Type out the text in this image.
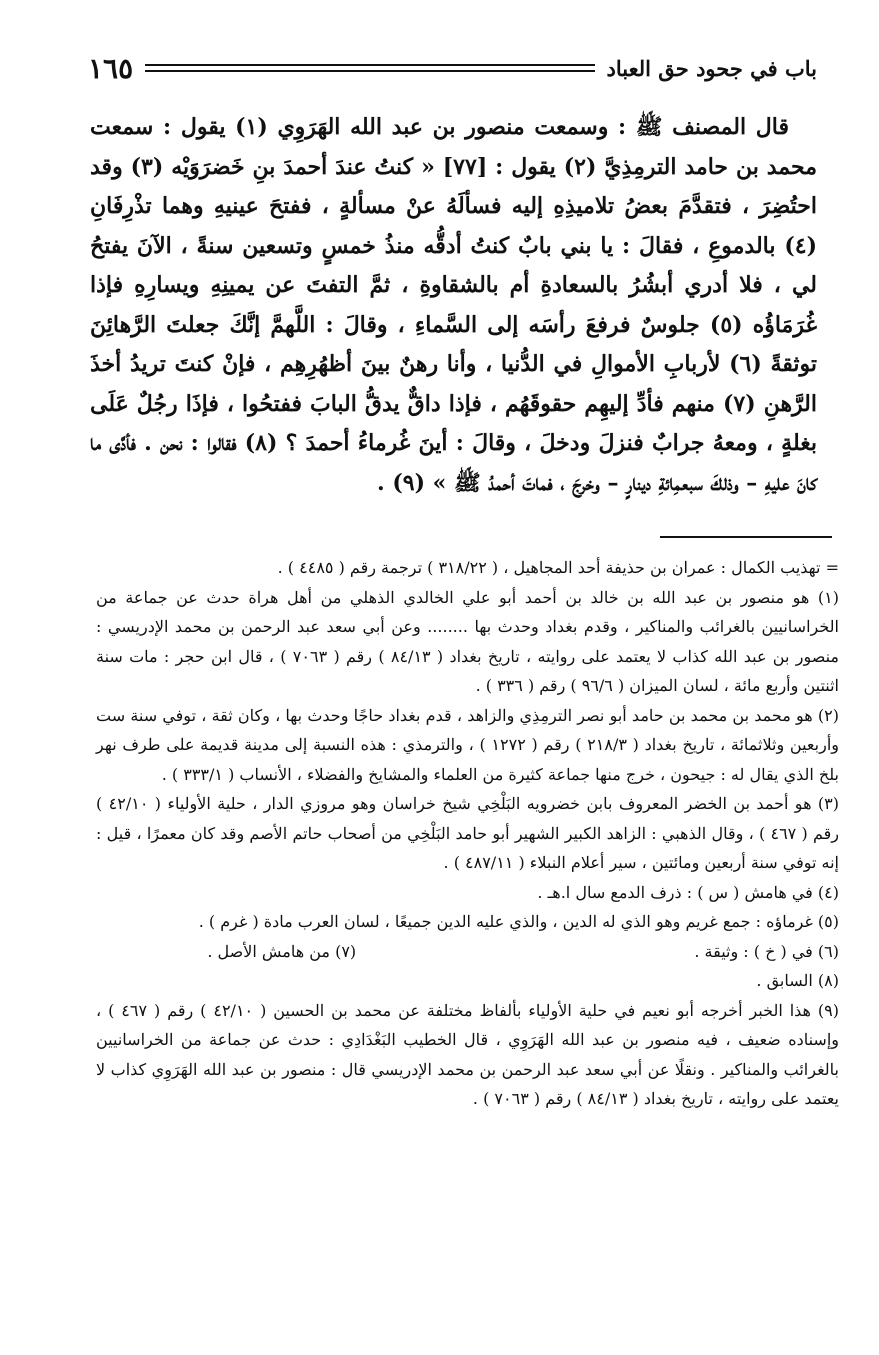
باب في جحود حق العباد
١٦٥

قال المصنف ﷺ : وسمعت منصور بن عبد الله الهَرَوِي (١) يقول : سمعت محمد بن حامد الترمِذِيَّ (٢) يقول : [٧٧] « كنتُ عندَ أحمدَ بنِ خَضرَوَيْه (٣) وقد احتُضِرَ ، فتقدَّمَ بعضُ تلاميذِهِ إليه فسألَهُ عنْ مسألةٍ ، ففتحَ عينيهِ وهما تذْرِفَانِ (٤) بالدموعِ ، فقالَ : يا بني بابٌ كنتُ أدقُّه منذُ خمسٍ وتسعين سنةً ، الآنَ يفتحُ لي ، فلا أدري أبشُرُ بالسعادةِ أم بالشقاوةِ ، ثمَّ التفتَ عن يمينِهِ ويسارِهِ فإذا غُرَمَاؤُه (٥) جلوسٌ فرفعَ رأسَه إلى السَّماءِ ، وقالَ : اللَّهمَّ إنَّكَ جعلتَ الرَّهائِنَ توثقةً (٦) لأربابِ الأموالِ في الدُّنيا ، وأنا رهنٌ بينَ أظهُرِهِم ، فإنْ كنتَ تريدُ أخذَ الرَّهنِ (٧) منهم فأدِّ إليهِم حقوقَهُم ، فإذا داقٌّ يدقُّ البابَ ففتحُوا ، فإذَا رجُلٌ عَلَى بغلةٍ ، ومعهُ جرابٌ فنزلَ ودخلَ ، وقالَ : أينَ غُرماءُ أحمدَ ؟ (٨) فقالوا : نحن . فأدَّى ما كانَ عليهِ – وذلكَ سبعمِائةِ دينارٍ – وخرجَ ، فماتَ أحمدُ ﷺ » (٩) .

= تهذيب الكمال : عمران بن حذيفة أحد المجاهيل ، ( ٣١٨/٢٢ ) ترجمة رقم ( ٤٤٨٥ ) .

(١) هو منصور بن عبد الله بن خالد بن أحمد أبو علي الخالدي الذهلي من أهل هراة حدث عن جماعة من الخراسانيين بالغرائب والمناكير ، وقدم بغداد وحدث بها ........ وعن أبي سعد عبد الرحمن بن محمد الإدريسي : منصور بن عبد الله كذاب لا يعتمد على روايته ، تاريخ بغداد ( ٨٤/١٣ ) رقم ( ٧٠٦٣ ) ، قال ابن حجر : مات سنة اثنتين وأربع مائة ، لسان الميزان ( ٩٦/٦ ) رقم ( ٣٣٦ ) .

(٢) هو محمد بن محمد بن حامد أبو نصر الترمِذِي والزاهد ، قدم بغداد حاجًا وحدث بها ، وكان ثقة ، توفي سنة ست وأربعين وثلاثمائة ، تاريخ بغداد ( ٢١٨/٣ ) رقم ( ١٢٧٢ ) ، والترمذي : هذه النسبة إلى مدينة قديمة على طرف نهر بلخ الذي يقال له : جيحون ، خرج منها جماعة كثيرة من العلماء والمشايخ والفضلاء ، الأنساب ( ٣٣٣/١ ) .

(٣) هو أحمد بن الخضر المعروف بابن خضرويه البَلْخِي شيخ خراسان وهو مروزي الدار ، حلية الأولياء ( ٤٢/١٠ ) رقم ( ٤٦٧ ) ، وقال الذهبي : الزاهد الكبير الشهير أبو حامد البَلْخِي من أصحاب حاتم الأصم وقد كان معمرًا ، قيل : إنه توفي سنة أربعين ومائتين ، سير أعلام النبلاء ( ٤٨٧/١١ ) .

(٤) في هامش ( س ) : ذرف الدمع سال ا.هـ .

(٥) غرماؤه : جمع غريم وهو الذي له الدين ، والذي عليه الدين جميعًا ، لسان العرب مادة ( غرم ) .

(٦) في ( خ ) : وثيقة .
(٧) من هامش الأصل .

(٨) السابق .

(٩) هذا الخبر أخرجه أبو نعيم في حلية الأولياء بألفاظ مختلفة عن محمد بن الحسين ( ٤٢/١٠ ) رقم ( ٤٦٧ ) ، وإسناده ضعيف ، فيه منصور بن عبد الله الهَرَوِي ، قال الخطيب البَغْدَادِي : حدث عن جماعة من الخراسانيين بالغرائب والمناكير . ونقلًا عن أبي سعد عبد الرحمن بن محمد الإدريسي قال : منصور بن عبد الله الهَرَوِي كذاب لا يعتمد على روايته ، تاريخ بغداد ( ٨٤/١٣ ) رقم ( ٧٠٦٣ ) .
